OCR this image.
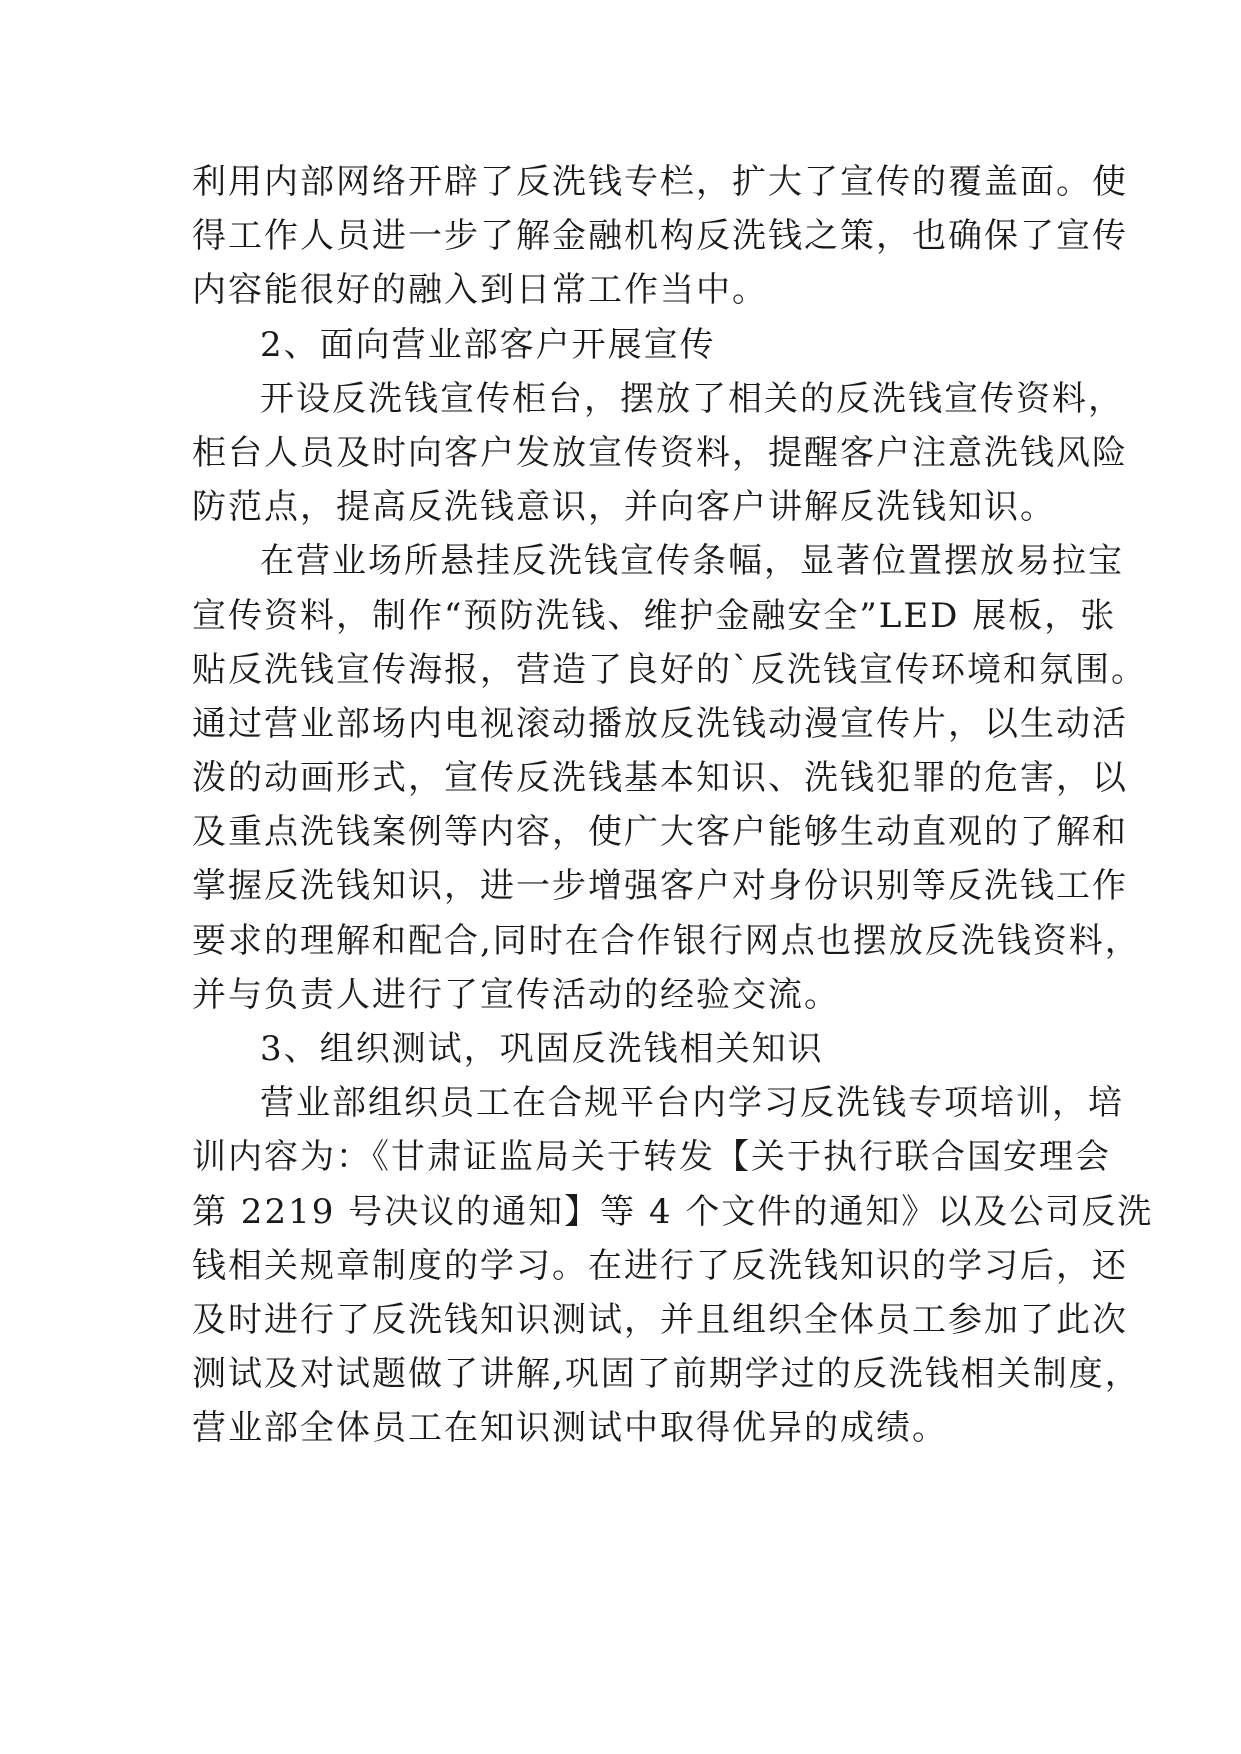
利用内部网络开辟了反洗钱专栏，扩大了宣传的覆盖面。使
得工作人员进一步了解金融机构反洗钱之策，也确保了宣传
内容能很好的融入到日常工作当中。
2、面向营业部客户开展宣传
开设反洗钱宣传柜台，摆放了相关的反洗钱宣传资料，
柜台人员及时向客户发放宣传资料，提醒客户注意洗钱风险
防范点，提高反洗钱意识，并向客户讲解反洗钱知识。
在营业场所悬挂反洗钱宣传条幅，显著位置摆放易拉宝
宣传资料，制作“预防洗钱、维护金融安全”LED 展板，张
贴反洗钱宣传海报，营造了良好的`反洗钱宣传环境和氛围。
通过营业部场内电视滚动播放反洗钱动漫宣传片，以生动活
泼的动画形式，宣传反洗钱基本知识、洗钱犯罪的危害，以
及重点洗钱案例等内容，使广大客户能够生动直观的了解和
掌握反洗钱知识，进一步增强客户对身份识别等反洗钱工作
要求的理解和配合,同时在合作银行网点也摆放反洗钱资料，
并与负责人进行了宣传活动的经验交流。
3、组织测试，巩固反洗钱相关知识
营业部组织员工在合规平台内学习反洗钱专项培训，培
训内容为：《甘肃证监局关于转发【关于执行联合国安理会
第 2219 号决议的通知】等 4 个文件的通知》以及公司反洗
钱相关规章制度的学习。在进行了反洗钱知识的学习后，还
及时进行了反洗钱知识测试，并且组织全体员工参加了此次
测试及对试题做了讲解,巩固了前期学过的反洗钱相关制度，
营业部全体员工在知识测试中取得优异的成绩。
